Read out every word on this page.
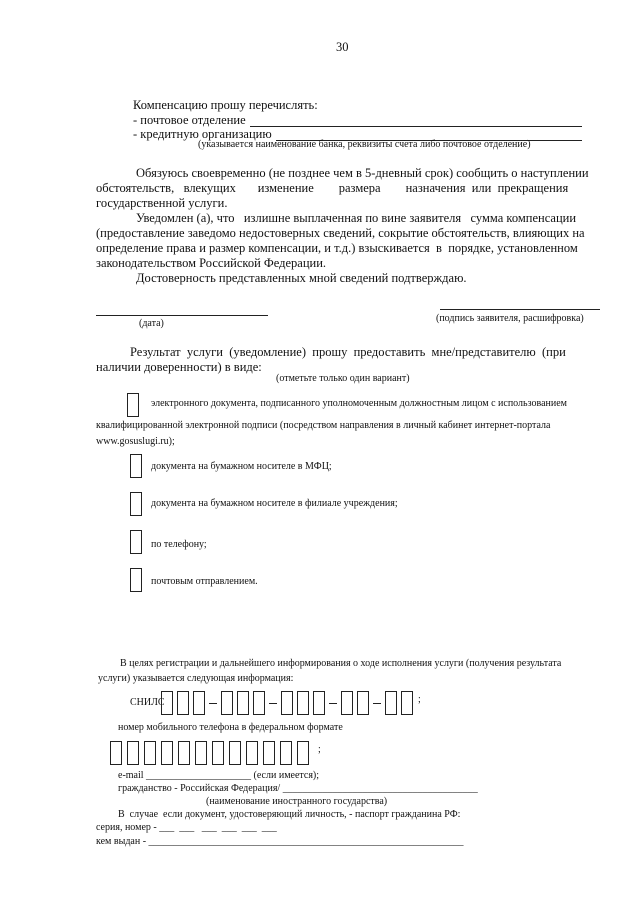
30
Компенсацию прошу перечислять:
- почтовое отделение
- кредитную организацию
(указывается наименование банка, реквизиты счета либо почтовое отделение)
Обязуюсь своевременно (не позднее чем в 5-дневный срок) сообщить о наступлении
обстоятельств,   влекущих       изменение        размера        назначения  или  прекращения
государственной услуги.
Уведомлен (а), что   излишне выплаченная по вине заявителя   сумма компенсации
(предоставление заведомо недостоверных сведений, сокрытие обстоятельств, влияющих на
определение права и размер компенсации, и т.д.) взыскивается  в  порядке, установленном
законодательством Российской Федерации.
Достоверность представленных мной сведений подтверждаю.
(дата)	(подпись заявителя, расшифровка)
Результат  услуги  (уведомление)  прошу  предоставить  мне/представителю  (при
наличии доверенности) в виде:
(отметьте только один вариант)
электронного документа, подписанного уполномоченным должностным лицом с использованием
квалифицированной электронной подписи (посредством направления в личный кабинет интернет-портала
www.gosuslugi.ru);
документа на бумажном носителе в МФЦ;
документа на бумажном носителе в филиале учреждения;
по телефону;
почтовым отправлением.
В целях регистрации и дальнейшего информирования о ходе исполнения услуги (получения результата
услуги) указывается следующая информация:
СНИЛС	;
номер мобильного телефона в федеральном формате
;
e-mail _____________________ (если имеется);
гражданство - Российская Федерация/ _______________________________________
(наименование иностранного государства)
В  случае  если документ, удостоверяющий личность, - паспорт гражданина РФ:
серия, номер - ___  ___   ___  ___  ___  ___
кем выдан - _______________________________________________________________
